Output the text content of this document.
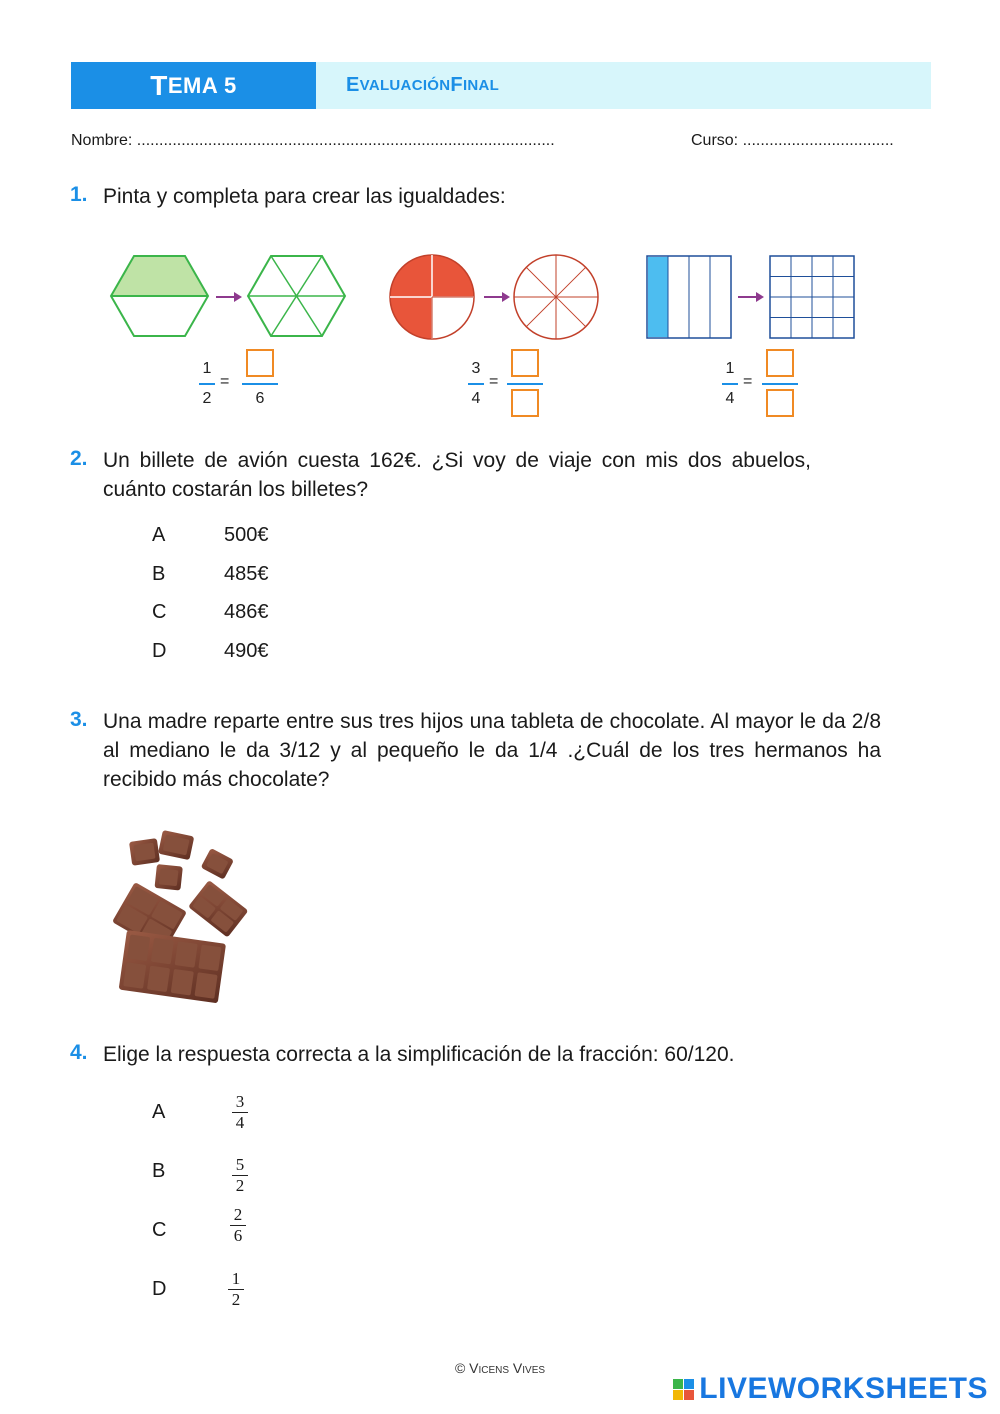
T EMA 5	E VALUACIÓN F INAL
Nombre: ..............................................................................................	Curso: ..................................
1. Pinta y completa para crear las igualdades:
1
2
=
6
3
4
=
1
4
=
2. Un billete de avión cuesta 162€. ¿Si voy de viaje con mis dos abuelos, cuánto costarán los billetes?
A	500€
B	485€
C	486€
D	490€
3. Una madre reparte entre sus tres hijos una tableta de chocolate. Al mayor le da 2/8 al mediano le da 3/12 y al pequeño le da 1/4 .¿Cuál de los tres hermanos ha recibido más chocolate?
4. Elige la respuesta correcta a la simplificación de la fracción: 60/120.
A	3
4
B	5
2
C
2
6
D	1
2
© Vicens Vives
LIVEWORKSHEETS
